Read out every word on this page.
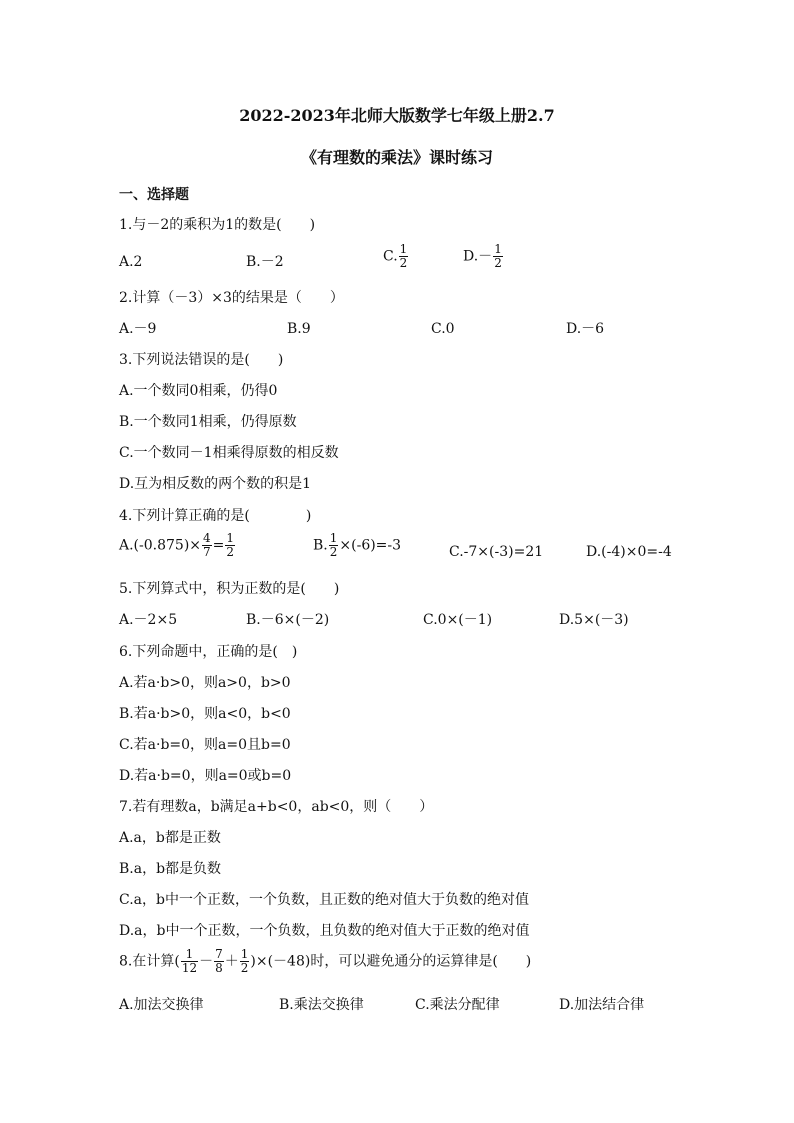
2022-2023年北师大版数学七年级上册2.7
《有理数的乘法》课时练习
一、选择题
1.与－2的乘积为1的数是(　　)
A.2	B.－2	C. $\frac{1}{2}$	$D.- \frac{1}{2}$
2.计算（－3）×3的结果是（　　）
A.－9	B.9	C.0	D.－6
3.下列说法错误的是(　　)
A.一个数同0相乘，仍得0
B.一个数同1相乘，仍得原数
C.一个数同－1相乘得原数的相反数
D.互为相反数的两个数的积是1
4.下列计算正确的是(　　　　)
$A.(-0.875)\times \frac{4}{7} = \frac{1}{2}$	B. $\frac{1}{2} \times(-6)=-3$	C.-7×(-3)=21	D.(-4)×0=-4
5.下列算式中，积为正数的是(　　)
A.－2×5	B.－6×(－2)	C.0×(－1)	D.5×(－3)
6.下列命题中，正确的是(　)
A.若a·b>0，则a>0，b>0
B.若a·b>0，则a<0，b<0
C.若a·b=0，则a=0且b=0
D.若a·b=0，则a=0或b=0
7.若有理数a，b满足a+b<0，ab<0，则（　　）
A.a，b都是正数
B.a，b都是负数
C.a，b中一个正数，一个负数，且正数的绝对值大于负数的绝对值
D.a，b中一个正数，一个负数，且负数的绝对值大于正数的绝对值
8.在计算( $\frac{1}{12} - \frac{7}{8} + \frac{1}{2} )\times(-48)$时，可以避免通分的运算律是(　　)
A.加法交换律	B.乘法交换律	C.乘法分配律	D.加法结合律
